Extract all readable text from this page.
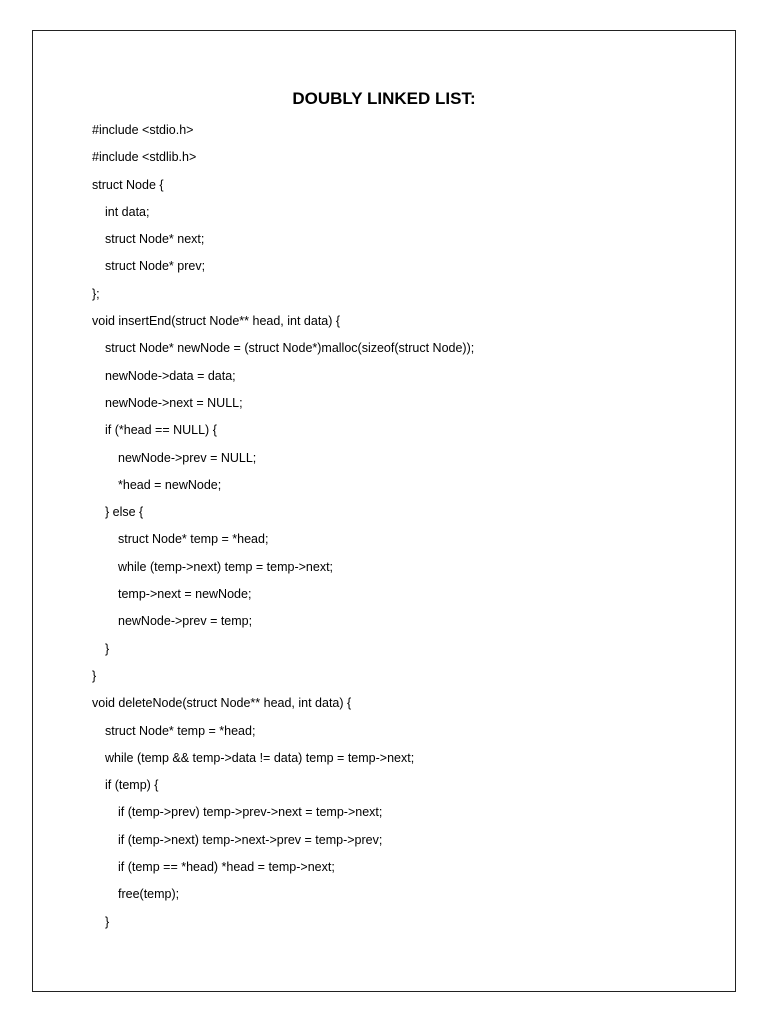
DOUBLY LINKED LIST:
#include <stdio.h>
#include <stdlib.h>
struct Node {
int data;
struct Node* next;
struct Node* prev;
};
void insertEnd(struct Node** head, int data) {
struct Node* newNode = (struct Node*)malloc(sizeof(struct Node));
newNode->data = data;
newNode->next = NULL;
if (*head == NULL) {
newNode->prev = NULL;
*head = newNode;
} else {
struct Node* temp = *head;
while (temp->next) temp = temp->next;
temp->next = newNode;
newNode->prev = temp;
}
}
void deleteNode(struct Node** head, int data) {
struct Node* temp = *head;
while (temp && temp->data != data) temp = temp->next;
if (temp) {
if (temp->prev) temp->prev->next = temp->next;
if (temp->next) temp->next->prev = temp->prev;
if (temp == *head) *head = temp->next;
free(temp);
}
